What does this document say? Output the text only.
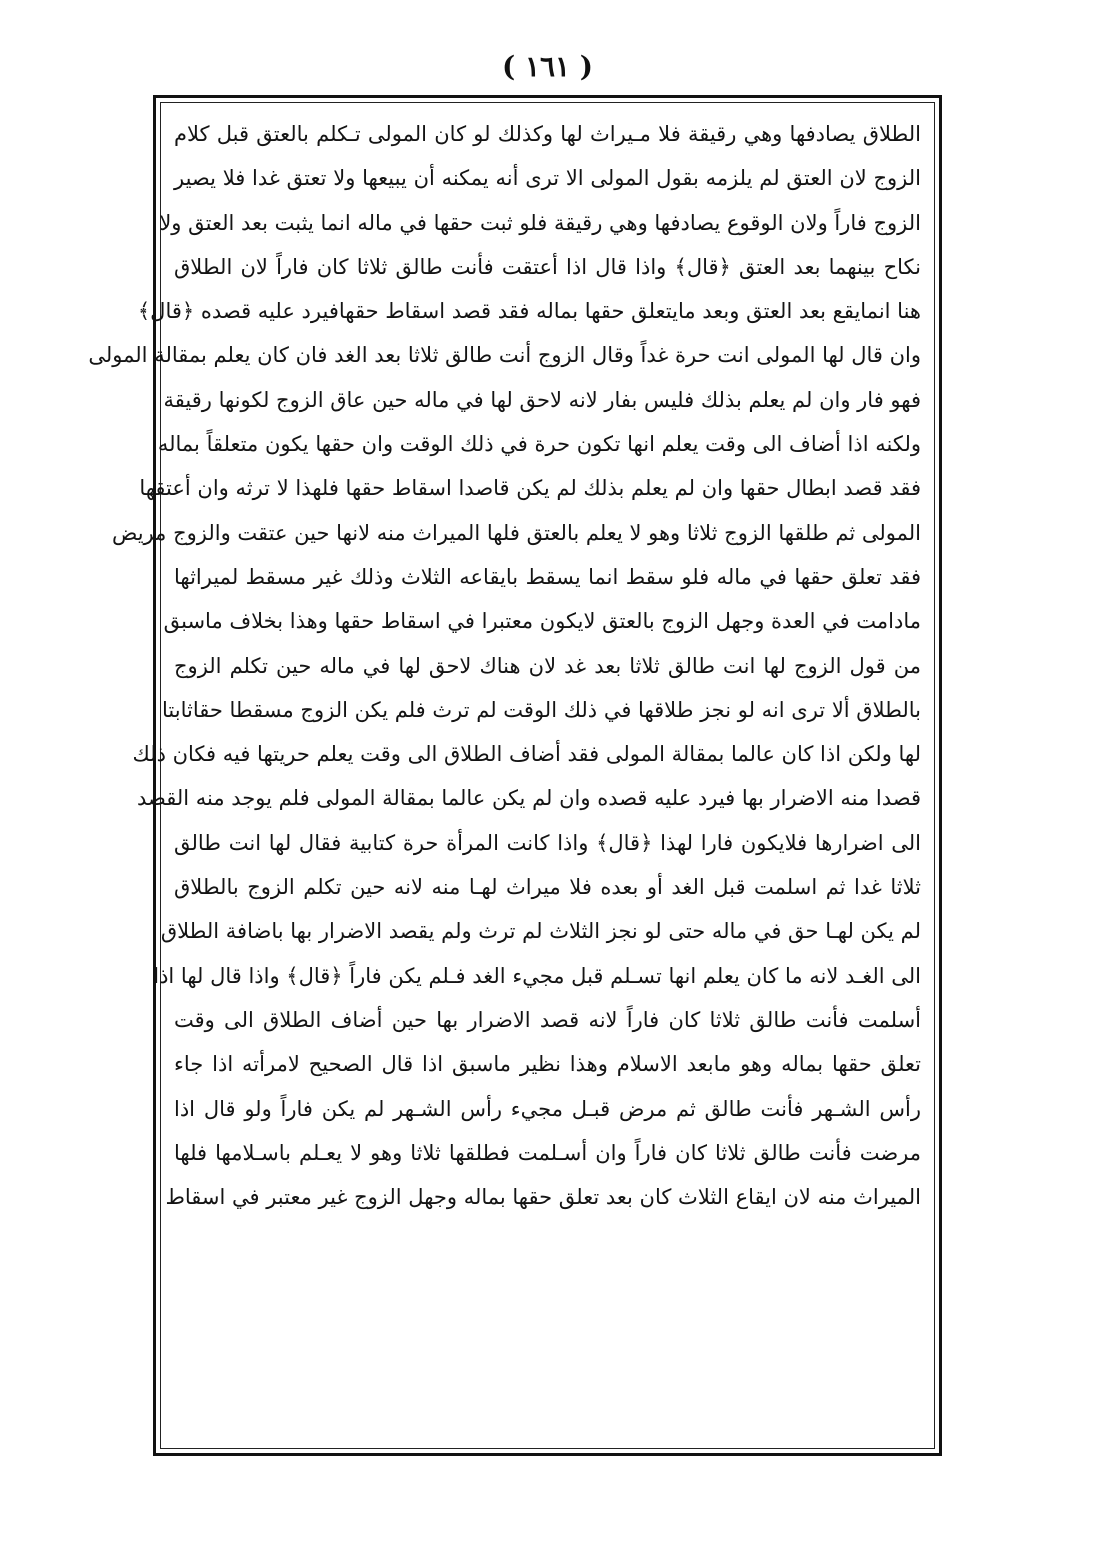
( ١٦١ )
الطلاق يصادفها وهي رقيقة فلا مـيراث لها وكذلك لو كان المولى تـكلم بالعتق قبل كلام
الزوج لان العتق لم يلزمه بقول المولى الا ترى أنه يمكنه أن يبيعها ولا تعتق غدا فلا يصير
الزوج فاراً ولان الوقوع يصادفها وهي رقيقة فلو ثبت حقها في ماله انما يثبت بعد العتق ولا
نكاح بينهما بعد العتق ﴿قال﴾ واذا قال اذا أعتقت فأنت طالق ثلاثا كان فاراً لان الطلاق
هنا انمايقع بعد العتق وبعد مايتعلق حقها بماله فقد قصد اسقاط حقهافيرد عليه قصده ﴿قال﴾
وان قال لها المولى انت حرة غداً وقال الزوج أنت طالق ثلاثا بعد الغد فان كان يعلم بمقالة المولى
فهو فار وان لم يعلم بذلك فليس بفار لانه لاحق لها في ماله حين عاق الزوج لكونها رقيقة
ولكنه اذا أضاف الى وقت يعلم انها تكون حرة في ذلك الوقت وان حقها يكون متعلقاً بماله
فقد قصد ابطال حقها وان لم يعلم بذلك لم يكن قاصدا اسقاط حقها فلهذا لا ترثه وان أعتقها
المولى ثم طلقها الزوج ثلاثا وهو لا يعلم بالعتق فلها الميراث منه لانها حين عتقت والزوج مريض
فقد تعلق حقها في ماله فلو سقط انما يسقط بايقاعه الثلاث وذلك غير مسقط لميراثها
مادامت في العدة وجهل الزوج بالعتق لايكون معتبرا في اسقاط حقها وهذا بخلاف ماسبق
من قول الزوج لها انت طالق ثلاثا بعد غد لان هناك لاحق لها في ماله حين تكلم الزوج
بالطلاق ألا ترى انه لو نجز طلاقها في ذلك الوقت لم ترث فلم يكن الزوج مسقطا حقاثابتا
لها ولكن اذا كان عالما بمقالة المولى فقد أضاف الطلاق الى وقت يعلم حريتها فيه فكان ذلك
قصدا منه الاضرار بها فيرد عليه قصده وان لم يكن عالما بمقالة المولى فلم يوجد منه القصد
الى اضرارها فلايكون فارا لهذا ﴿قال﴾ واذا كانت المرأة حرة كتابية فقال لها انت طالق
ثلاثا غدا ثم اسلمت قبل الغد أو بعده فلا ميراث لهـا منه لانه حين تكلم الزوج بالطلاق
لم يكن لهـا حق في ماله حتى لو نجز الثلاث لم ترث ولم يقصد الاضرار بها باضافة الطلاق
الى الغـد لانه ما كان يعلم انها تسـلم قبل مجيء الغد فـلم يكن فاراً ﴿قال﴾ واذا قال لها اذا
أسلمت فأنت طالق ثلاثا كان فاراً لانه قصد الاضرار بها حين أضاف الطلاق الى وقت
تعلق حقها بماله وهو مابعد الاسلام وهذا نظير ماسبق اذا قال الصحيح لامرأته اذا جاء
رأس الشـهر فأنت طالق ثم مرض قبـل مجيء رأس الشـهر لم يكن فاراً ولو قال اذا
مرضت فأنت طالق ثلاثا كان فاراً وان أسـلمت فطلقها ثلاثا وهو لا يعـلم باسـلامها فلها
الميراث منه لان ايقاع الثلاث كان بعد تعلق حقها بماله وجهل الزوج غير معتبر في اسقاط
